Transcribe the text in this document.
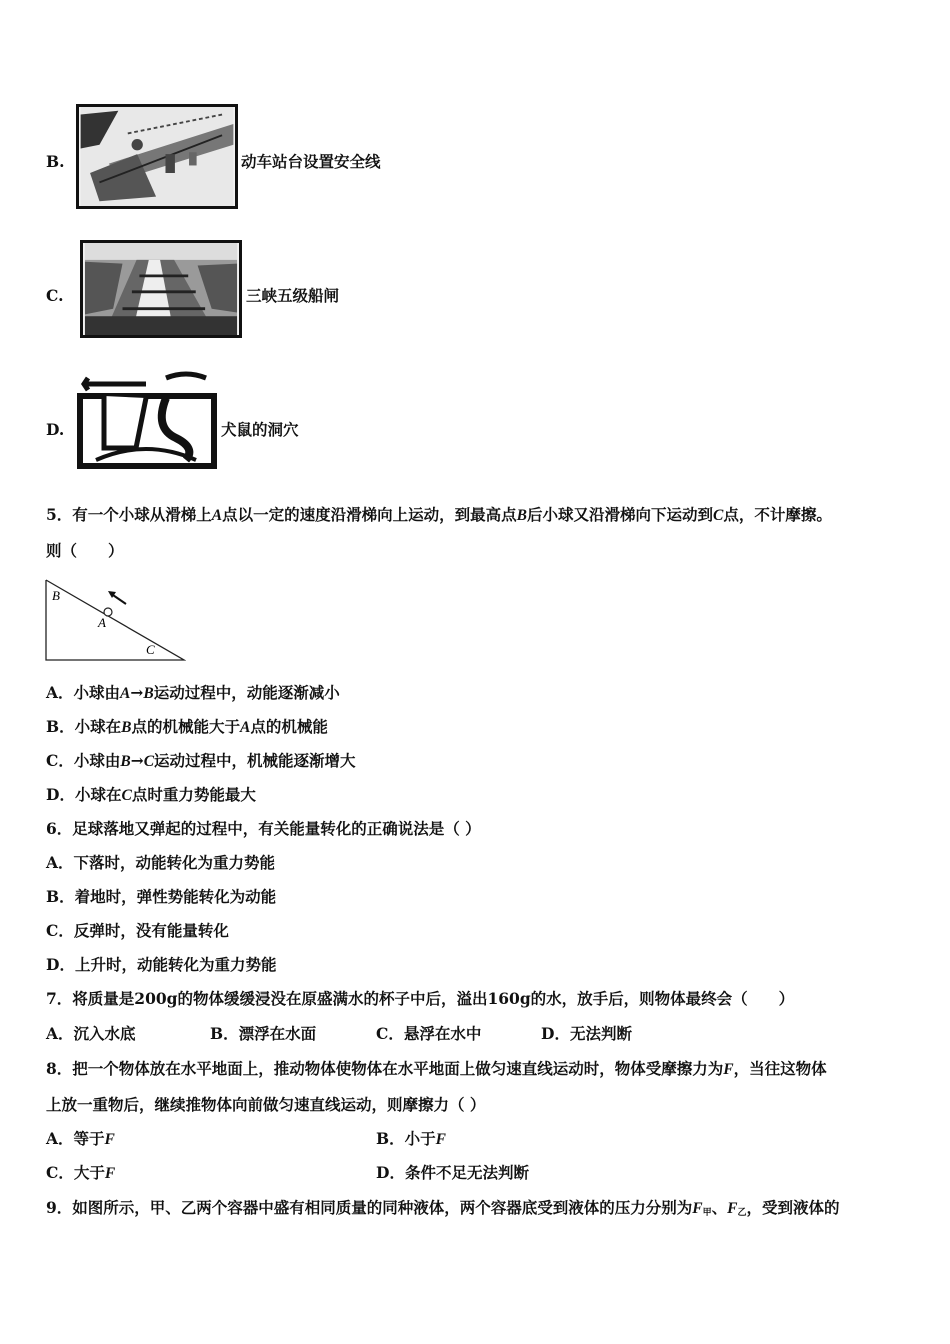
B.	动车站台设置安全线
C.	三峡五级船闸
D.	犬鼠的洞穴
5．有一个小球从滑梯上A点以一定的速度沿滑梯向上运动，到最高点B后小球又沿滑梯向下运动到C点，不计摩擦。
则（　　）
B
A
C
A．小球由A→B运动过程中，动能逐渐减小
B．小球在B点的机械能大于A点的机械能
C．小球由B→C运动过程中，机械能逐渐增大
D．小球在C点时重力势能最大
6．足球落地又弹起的过程中，有关能量转化的正确说法是（ ）
A．下落时，动能转化为重力势能
B．着地时，弹性势能转化为动能
C．反弹时，没有能量转化
D．上升时，动能转化为重力势能
7．将质量是200g的物体缓缓浸没在原盛满水的杯子中后，溢出160g的水，放手后，则物体最终会（　　）
A．沉入水底	B．漂浮在水面	C．悬浮在水中	D．无法判断
8．把一个物体放在水平地面上，推动物体使物体在水平地面上做匀速直线运动时，物体受摩擦力为F，当往这物体
上放一重物后，继续推物体向前做匀速直线运动，则摩擦力（ ）
A．等于F	B．小于F
C．大于F	D．条件不足无法判断
9．如图所示，甲、乙两个容器中盛有相同质量的同种液体，两个容器底受到液体的压力分别为$F_甲$、$F_乙$，受到液体的
